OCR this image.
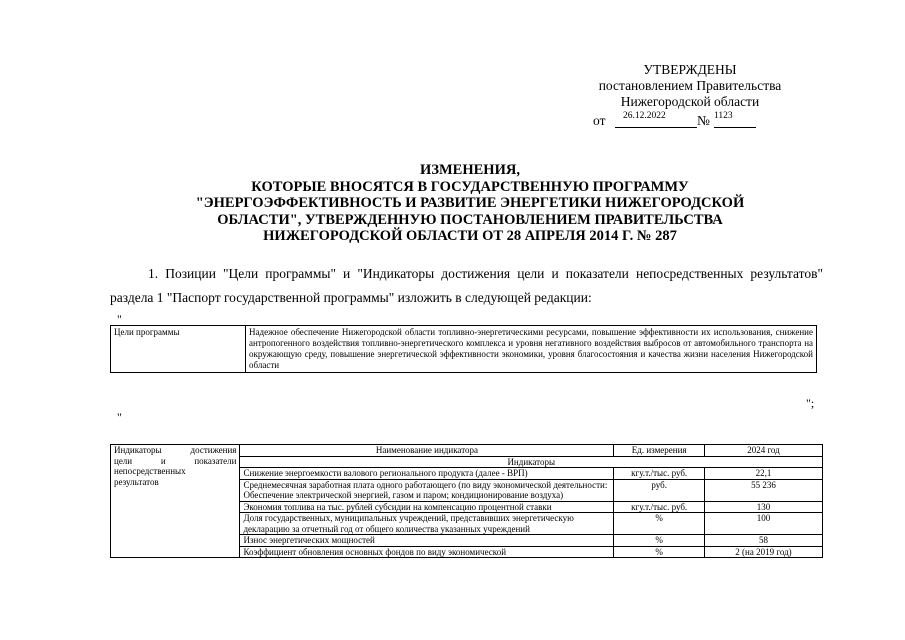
УТВЕРЖДЕНЫ
постановлением Правительства
Нижегородской области
от 26.12.2022 № 1123
ИЗМЕНЕНИЯ,
КОТОРЫЕ ВНОСЯТСЯ В ГОСУДАРСТВЕННУЮ ПРОГРАММУ
"ЭНЕРГОЭФФЕКТИВНОСТЬ И РАЗВИТИЕ ЭНЕРГЕТИКИ НИЖЕГОРОДСКОЙ
ОБЛАСТИ", УТВЕРЖДЕННУЮ ПОСТАНОВЛЕНИЕМ ПРАВИТЕЛЬСТВА
НИЖЕГОРОДСКОЙ ОБЛАСТИ ОТ 28 АПРЕЛЯ 2014 Г. № 287
1. Позиции "Цели программы" и "Индикаторы достижения цели и показатели непосредственных результатов" раздела 1 "Паспорт государственной программы" изложить в следующей редакции:
"
Цели программы	Надежное обеспечение Нижегородской области топливно-энергетическими ресурсами, повышение эффективности их использования, снижение антропогенного воздействия топливно-энергетического комплекса и уровня негативного воздействия выбросов от автомобильного транспорта на окружающую среду, повышение энергетической эффективности экономики, уровня благосостояния и качества жизни населения Нижегородской области
";
"
Индикаторы достижения
цели и показатели
непосредственных
результатов	Наименование индикатора	Ед. измерения	2024 год
	Индикаторы		
	Снижение энергоемкости валового регионального продукта (далее - ВРП)	кгу.т./тыс. руб.	22,1
	Среднемесячная заработная плата одного работающего (по виду экономической деятельности: Обеспечение электрической энергией, газом и паром; кондиционирование воздуха)	руб.	55 236
	Экономия топлива на тыс. рублей субсидии на компенсацию процентной ставки	кгу.т./тыс. руб.	130
	Доля государственных, муниципальных учреждений, представивших энергетическую декларацию за отчетный год от общего количества указанных учреждений	%	100
	Износ энергетических мощностей	%	58
	Коэффициент обновления основных фондов по виду экономической	%	2 (на 2019 год)
